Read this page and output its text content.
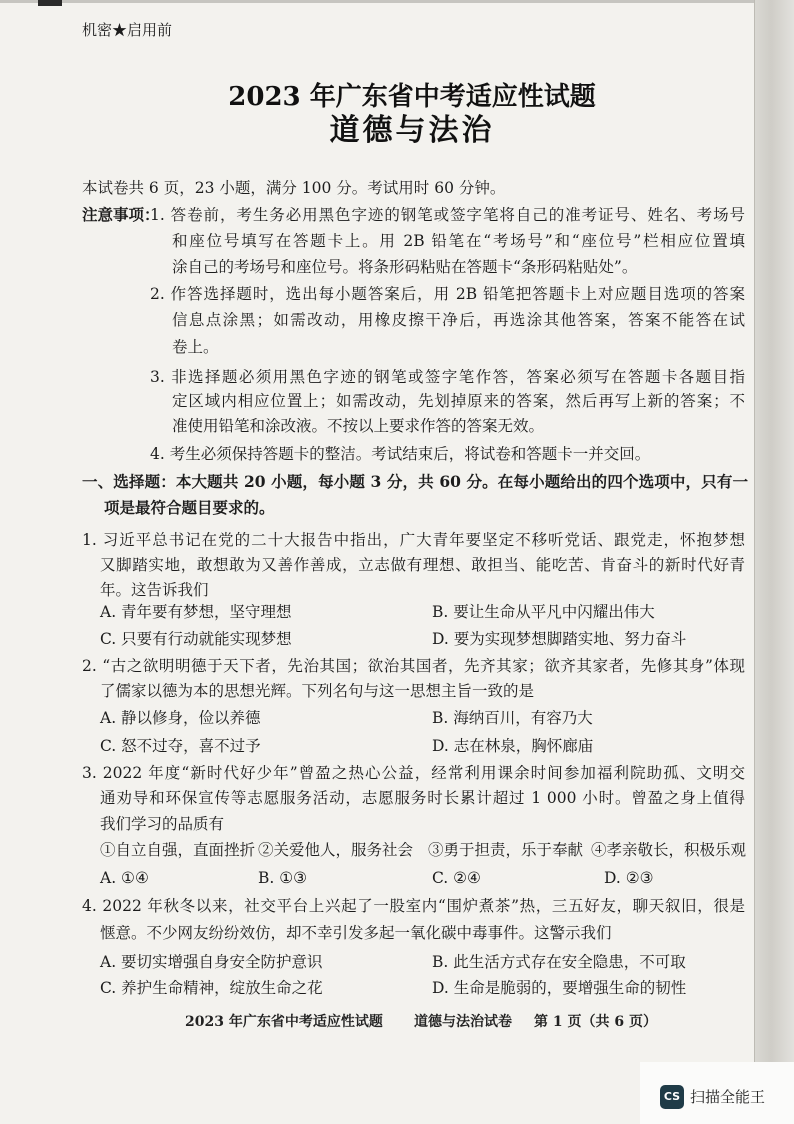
机密★启用前
2023 年广东省中考适应性试题
道德与法治
本试卷共 6 页，23 小题，满分 100 分。考试用时 60 分钟。
注意事项：
1. 答卷前，考生务必用黑色字迹的钢笔或签字笔将自己的准考证号、姓名、考场号
和座位号填写在答题卡上。用 2B 铅笔在“考场号”和“座位号”栏相应位置填
涂自己的考场号和座位号。将条形码粘贴在答题卡“条形码粘贴处”。
2. 作答选择题时，选出每小题答案后，用 2B 铅笔把答题卡上对应题目选项的答案
信息点涂黑；如需改动，用橡皮擦干净后，再选涂其他答案，答案不能答在试
卷上。
3. 非选择题必须用黑色字迹的钢笔或签字笔作答，答案必须写在答题卡各题目指
定区域内相应位置上；如需改动，先划掉原来的答案，然后再写上新的答案；不
准使用铅笔和涂改液。不按以上要求作答的答案无效。
4. 考生必须保持答题卡的整洁。考试结束后，将试卷和答题卡一并交回。
一、选择题：本大题共 20 小题，每小题 3 分，共 60 分。在每小题给出的四个选项中，只有一
项是最符合题目要求的。
1. 习近平总书记在党的二十大报告中指出，广大青年要坚定不移听党话、跟党走，怀抱梦想
又脚踏实地，敢想敢为又善作善成，立志做有理想、敢担当、能吃苦、肯奋斗的新时代好青
年。这告诉我们
A. 青年要有梦想，坚守理想	B. 要让生命从平凡中闪耀出伟大
C. 只要有行动就能实现梦想	D. 要为实现梦想脚踏实地、努力奋斗
2. “古之欲明明德于天下者，先治其国；欲治其国者，先齐其家；欲齐其家者，先修其身”体现
了儒家以德为本的思想光辉。下列名句与这一思想主旨一致的是
A. 静以修身，俭以养德	B. 海纳百川，有容乃大
C. 怒不过夺，喜不过予	D. 志在林泉，胸怀廊庙
3. 2022 年度“新时代好少年”曾盈之热心公益，经常利用课余时间参加福利院助孤、文明交
通劝导和环保宣传等志愿服务活动，志愿服务时长累计超过 1 000 小时。曾盈之身上值得
我们学习的品质有
①自立自强，直面挫折 ②关爱他人，服务社会 ③勇于担责，乐于奉献 ④孝亲敬长，积极乐观
A. ①④	B. ①③	C. ②④	D. ②③
4. 2022 年秋冬以来，社交平台上兴起了一股室内“围炉煮茶”热，三五好友，聊天叙旧，很是
惬意。不少网友纷纷效仿，却不幸引发多起一氧化碳中毒事件。这警示我们
A. 要切实增强自身安全防护意识	B. 此生活方式存在安全隐患，不可取
C. 养护生命精神，绽放生命之花	D. 生命是脆弱的，要增强生命的韧性
2023 年广东省中考适应性试题 道德与法治试卷 第 1 页（共 6 页）
CS 扫描全能王
